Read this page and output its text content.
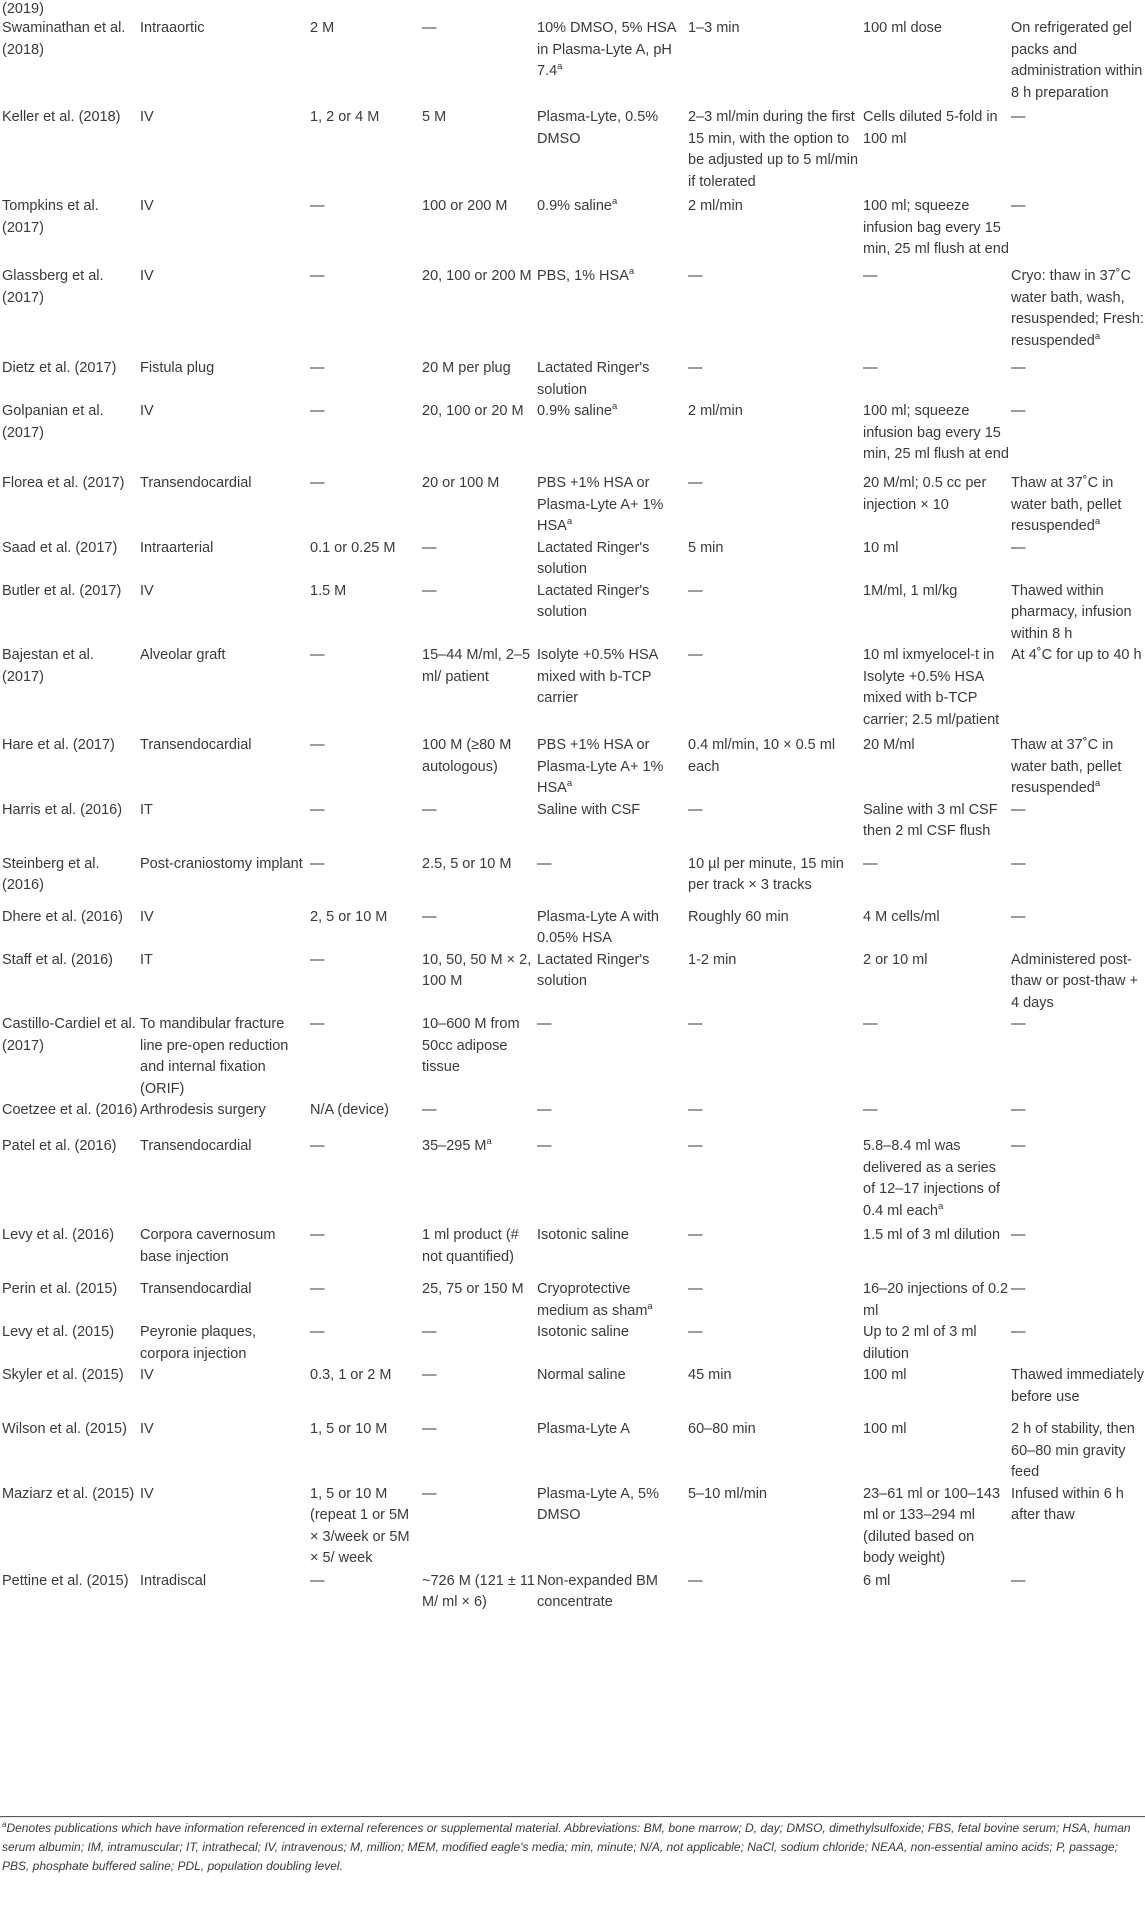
(2019)

Swaminathan et al. (2018)	Intraaortic	2 M	—	10% DMSO, 5% HSA in Plasma-Lyte A, pH 7.4$^a$	1–3 min	100 ml dose	On refrigerated gel packs and administration within 8 h preparation
Keller et al. (2018)	IV	1, 2 or 4 M	5 M	Plasma-Lyte, 0.5% DMSO	2–3 ml/min during the first 15 min, with the option to be adjusted up to 5 ml/min if tolerated	Cells diluted 5-fold in 100 ml	—
Tompkins et al. (2017)	IV	—	100 or 200 M	0.9% saline$^a$	2 ml/min	100 ml; squeeze infusion bag every 15 min, 25 ml flush at end	—
Glassberg et al. (2017)	IV	—	20, 100 or 200 M	PBS, 1% HSA$^a$	—	—	Cryo: thaw in 37˚C water bath, wash, resuspended; Fresh: resuspended$^a$
Dietz et al. (2017)	Fistula plug	—	20 M per plug	Lactated Ringer's solution	—	—	—
Golpanian et al. (2017)	IV	—	20, 100 or 20 M	0.9% saline$^a$	2 ml/min	100 ml; squeeze infusion bag every 15 min, 25 ml flush at end	—
Florea et al. (2017)	Transendocardial	—	20 or 100 M	PBS +1% HSA or Plasma-Lyte A+ 1% HSA$^a$	—	20 M/ml; 0.5 cc per injection × 10	Thaw at 37˚C in water bath, pellet resuspended$^a$
Saad et al. (2017)	Intraarterial	0.1 or 0.25 M	—	Lactated Ringer's solution	5 min	10 ml	—
Butler et al. (2017)	IV	1.5 M	—	Lactated Ringer's solution	—	1M/ml, 1 ml/kg	Thawed within pharmacy, infusion within 8 h
Bajestan et al. (2017)	Alveolar graft	—	15–44 M/ml, 2–5 ml/ patient	Isolyte +0.5% HSA mixed with b-TCP carrier	—	10 ml ixmyelocel-t in Isolyte +0.5% HSA mixed with b-TCP carrier; 2.5 ml/patient	At 4˚C for up to 40 h
Hare et al. (2017)	Transendocardial	—	100 M (≥80 M autologous)	PBS +1% HSA or Plasma-Lyte A+ 1% HSA$^a$	0.4 ml/min, 10 × 0.5 ml each	20 M/ml	Thaw at 37˚C in water bath, pellet resuspended$^a$
Harris et al. (2016)	IT	—	—	Saline with CSF	—	Saline with 3 ml CSF then 2 ml CSF flush	—
Steinberg et al. (2016)	Post-craniostomy implant	—	2.5, 5 or 10 M	—	10 µl per minute, 15 min per track × 3 tracks	—	—
Dhere et al. (2016)	IV	2, 5 or 10 M	—	Plasma-Lyte A with 0.05% HSA	Roughly 60 min	4 M cells/ml	—
Staff et al. (2016)	IT	—	10, 50, 50 M × 2, 100 M	Lactated Ringer's solution	1-2 min	2 or 10 ml	Administered post-thaw or post-thaw + 4 days
Castillo-Cardiel et al. (2017)	To mandibular fracture line pre-open reduction and internal fixation (ORIF)	—	10–600 M from 50cc adipose tissue	—	—	—	—
Coetzee et al. (2016)	Arthrodesis surgery	N/A (device)	—	—	—	—	—
Patel et al. (2016)	Transendocardial	—	35–295 $M^a$	—	—	5.8–8.4 ml was delivered as a series of 12–17 injections of 0.4 ml each$^a$	—
Levy et al. (2016)	Corpora cavernosum base injection	—	1 ml product (# not quantified)	Isotonic saline	—	1.5 ml of 3 ml dilution	—
Perin et al. (2015)	Transendocardial	—	25, 75 or 150 M	Cryoprotective medium as sham$^a$	—	16–20 injections of 0.2 ml	—
Levy et al. (2015)	Peyronie plaques, corpora injection	—	—	Isotonic saline	—	Up to 2 ml of 3 ml dilution	—
Skyler et al. (2015)	IV	0.3, 1 or 2 M	—	Normal saline	45 min	100 ml	Thawed immediately before use
Wilson et al. (2015)	IV	1, 5 or 10 M	—	Plasma-Lyte A	60–80 min	100 ml	2 h of stability, then 60–80 min gravity feed
Maziarz et al. (2015)	IV	1, 5 or 10 M (repeat 1 or 5M × 3/week or 5M × 5/ week	—	Plasma-Lyte A, 5% DMSO	5–10 ml/min	23–61 ml or 100–143 ml or 133–294 ml (diluted based on body weight)	Infused within 6 h after thaw
Pettine et al. (2015)	Intradiscal	—	~726 M (121 ± 11 M/ ml × 6)	Non-expanded BM concentrate	—	6 ml	—

$^a$Denotes publications which have information referenced in external references or supplemental material. Abbreviations: BM, bone marrow; D, day; DMSO, dimethylsulfoxide; FBS, fetal bovine serum; HSA, human serum albumin; IM, intramuscular; IT, intrathecal; IV, intravenous; M, million; MEM, modified eagle's media; min, minute; N/A, not applicable; NaCl, sodium chloride; NEAA, non-essential amino acids; P, passage; PBS, phosphate buffered saline; PDL, population doubling level.
